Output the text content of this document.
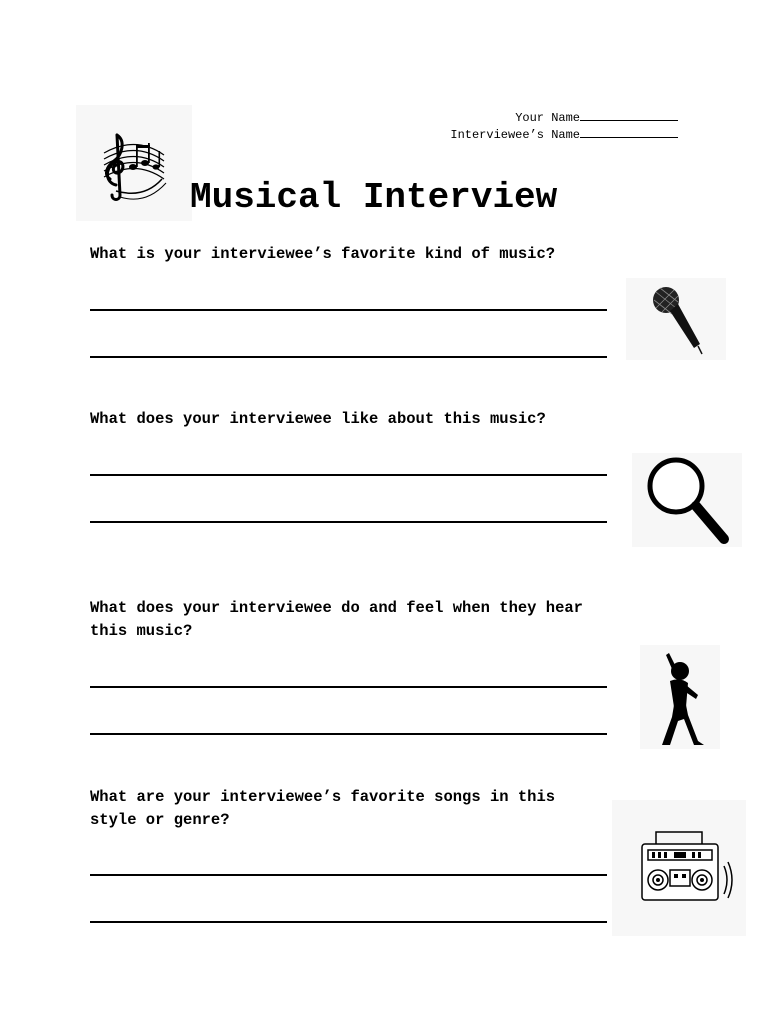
Your Name

Interviewee’s Name

Musical Interview
What is your interviewee’s favorite kind of music?
What does your interviewee like about this music?
What does your interviewee do and feel when they hear
this music?
What are your interviewee’s favorite songs in this
style or genre?
